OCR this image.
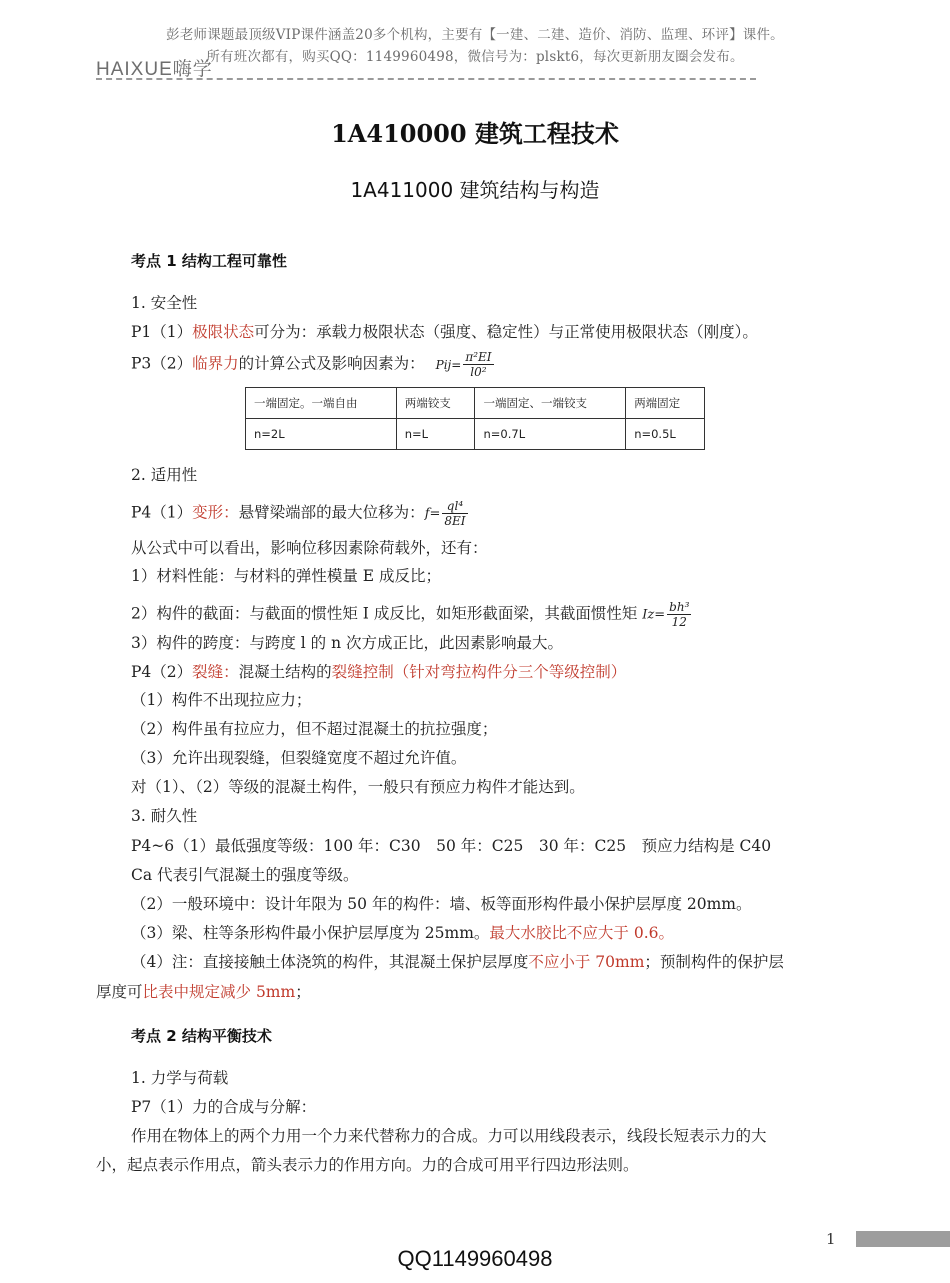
彭老师课题最顶级VIP课件涵盖20多个机构，主要有【一建、二建、造价、消防、监理、环评】课件。
所有班次都有，购买QQ：1149960498，微信号为：plskt6，每次更新朋友圈会发布。
HAIXUE嗨学
1A410000 建筑工程技术
1A411000 建筑结构与构造
考点 1 结构工程可靠性
1. 安全性
P1（1）极限状态可分为：承载力极限状态（强度、稳定性）与正常使用极限状态（刚度）。
P3（2）临界力的计算公式及影响因素为： $Pij= \frac{\text{π²EI}}{\text{l0²}}$
一端固定。一端自由	两端铰支	一端固定、一端铰支	两端固定
n=2L	n=L	n=0.7L	n=0.5L
2. 适用性
P4（1）变形：悬臂梁端部的最大位移为：$f= \frac{\text{ql⁴}}{8EI}$
从公式中可以看出，影响位移因素除荷载外，还有：
1）材料性能：与材料的弹性模量 E 成反比；
2）构件的截面：与截面的惯性矩 I 成反比，如矩形截面梁，其截面惯性矩 $Iz= \frac{\text{bh³}}{12}$
3）构件的跨度：与跨度 l 的 n 次方成正比，此因素影响最大。
P4（2）裂缝：混凝土结构的裂缝控制（针对弯拉构件分三个等级控制）
（1）构件不出现拉应力；
（2）构件虽有拉应力，但不超过混凝土的抗拉强度；
（3）允许出现裂缝，但裂缝宽度不超过允许值。
对（1）、（2）等级的混凝土构件，一般只有预应力构件才能达到。
3. 耐久性
P4~6（1）最低强度等级：100 年：C30　50 年：C25　30 年：C25　预应力结构是 C40
Ca 代表引气混凝土的强度等级。
（2）一般环境中：设计年限为 50 年的构件：墙、板等面形构件最小保护层厚度 20mm。
（3）梁、柱等条形构件最小保护层厚度为 25mm。最大水胶比不应大于 0.6。
（4）注：直接接触土体浇筑的构件，其混凝土保护层厚度不应小于 70mm；预制构件的保护层
厚度可比表中规定减少 5mm；
考点 2 结构平衡技术
1. 力学与荷载
P7（1）力的合成与分解：
作用在物体上的两个力用一个力来代替称力的合成。力可以用线段表示，线段长短表示力的大
小，起点表示作用点，箭头表示力的作用方向。力的合成可用平行四边形法则。
1
QQ1149960498
